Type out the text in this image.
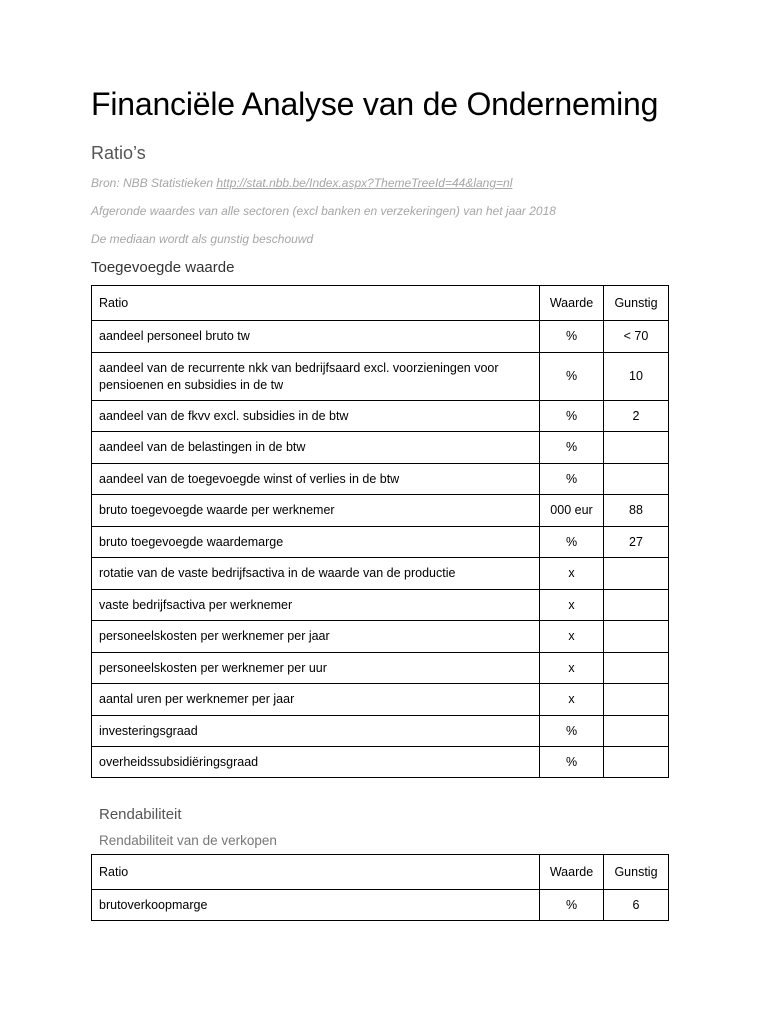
Financiële Analyse van de Onderneming
Ratio’s
Bron: NBB Statistieken http://stat.nbb.be/Index.aspx?ThemeTreeId=44&lang=nl
Afgeronde waardes van alle sectoren (excl banken en verzekeringen) van het jaar 2018
De mediaan wordt als gunstig beschouwd
Toegevoegde waarde
Ratio	Waarde	Gunstig
aandeel personeel bruto tw	%	< 70
aandeel van de recurrente nkk van bedrijfsaard excl. voorzieningen voor pensioenen en subsidies in de tw	%	10
aandeel van de fkvv excl. subsidies in de btw	%	2
aandeel van de belastingen in de btw	%	
aandeel van de toegevoegde winst of verlies in de btw	%	
bruto toegevoegde waarde per werknemer	000 eur	88
bruto toegevoegde waardemarge	%	27
rotatie van de vaste bedrijfsactiva in de waarde van de productie	x	
vaste bedrijfsactiva per werknemer	x	
personeelskosten per werknemer per jaar	x	
personeelskosten per werknemer per uur	x	
aantal uren per werknemer per jaar	x	
investeringsgraad	%	
overheidssubsidiëringsgraad	%	
Rendabiliteit
Rendabiliteit van de verkopen
Ratio	Waarde	Gunstig
brutoverkoopmarge	%	6
